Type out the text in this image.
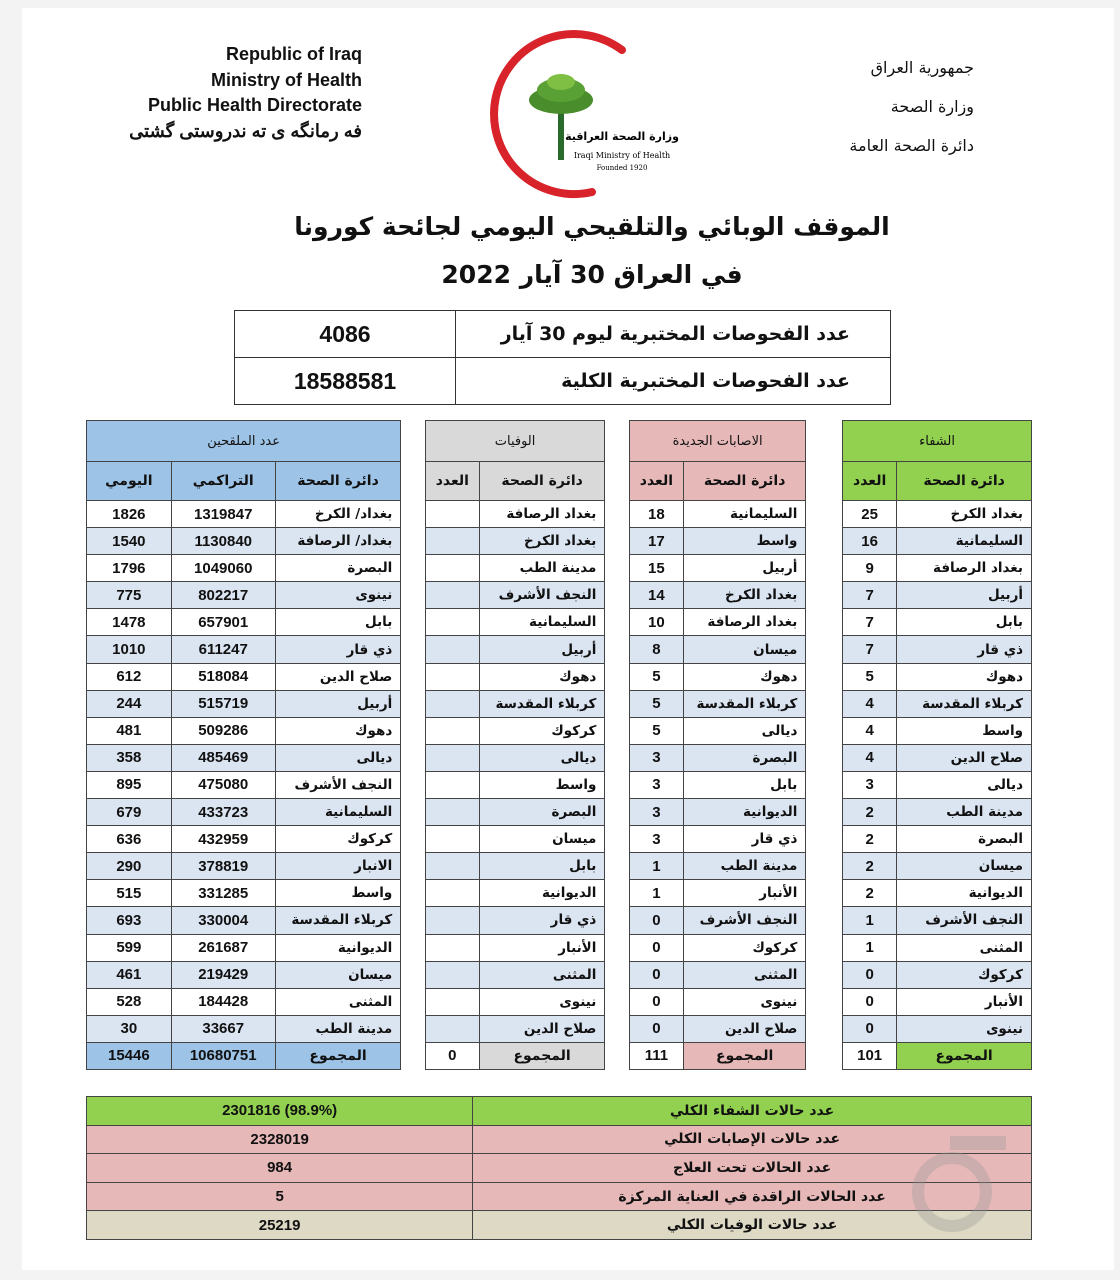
Republic of Iraq
Ministry of Health
Public Health Directorate
فه رمانگه ی ته ندروستی گشتی	وزارة الصحة العراقية
Iraqi Ministry of Health
Founded 1920
جمهورية العراق
وزارة الصحة
دائرة الصحة العامة
الموقف الوبائي والتلقيحي اليومي لجائحة كورونا
في العراق 30 آيار 2022
4086	عدد الفحوصات المختبرية ليوم 30 آيار
18588581	عدد الفحوصات المختبرية الكلية
عدد الملقحين				الوفيات			الاصابات الجديدة			الشفاء	
اليومي	التراكمي	دائرة الصحة		العدد	دائرة الصحة		العدد	دائرة الصحة		العدد	دائرة الصحة
1826	1319847	بغداد/ الكرخ			بغداد الرصافة		18	السليمانية		25	بغداد الكرخ
1540	1130840	بغداد/ الرصافة			بغداد الكرخ		17	واسط		16	السليمانية
1796	1049060	البصرة			مدينة الطب		15	أربيل		9	بغداد الرصافة
775	802217	نينوى			النجف الأشرف		14	بغداد الكرخ		7	أربيل
1478	657901	بابل			السليمانية		10	بغداد الرصافة		7	بابل
1010	611247	ذي قار			أربيل		8	ميسان		7	ذي قار
612	518084	صلاح الدين			دهوك		5	دهوك		5	دهوك
244	515719	أربيل			كربلاء المقدسة		5	كربلاء المقدسة		4	كربلاء المقدسة
481	509286	دهوك			كركوك		5	ديالى		4	واسط
358	485469	ديالى			ديالى		3	البصرة		4	صلاح الدين
895	475080	النجف الأشرف			واسط		3	بابل		3	ديالى
679	433723	السليمانية			البصرة		3	الديوانية		2	مدينة الطب
636	432959	كركوك			ميسان		3	ذي قار		2	البصرة
290	378819	الانبار			بابل		1	مدينة الطب		2	ميسان
515	331285	واسط			الديوانية		1	الأنبار		2	الديوانية
693	330004	كربلاء المقدسة			ذي قار		0	النجف الأشرف		1	النجف الأشرف
599	261687	الديوانية			الأنبار		0	كركوك		1	المثنى
461	219429	ميسان			المثنى		0	المثنى		0	كركوك
528	184428	المثنى			نينوى		0	نينوى		0	الأنبار
30	33667	مدينة الطب			صلاح الدين		0	صلاح الدين		0	نينوى
15446	10680751	المجموع		0	المجموع		111	المجموع		101	المجموع
2301816 (98.9%)	عدد حالات الشفاء الكلي
2328019	عدد حالات الإصابات الكلي
984	عدد الحالات تحت العلاج
5	عدد الحالات الراقدة في العناية المركزة
25219	عدد حالات الوفيات الكلي
